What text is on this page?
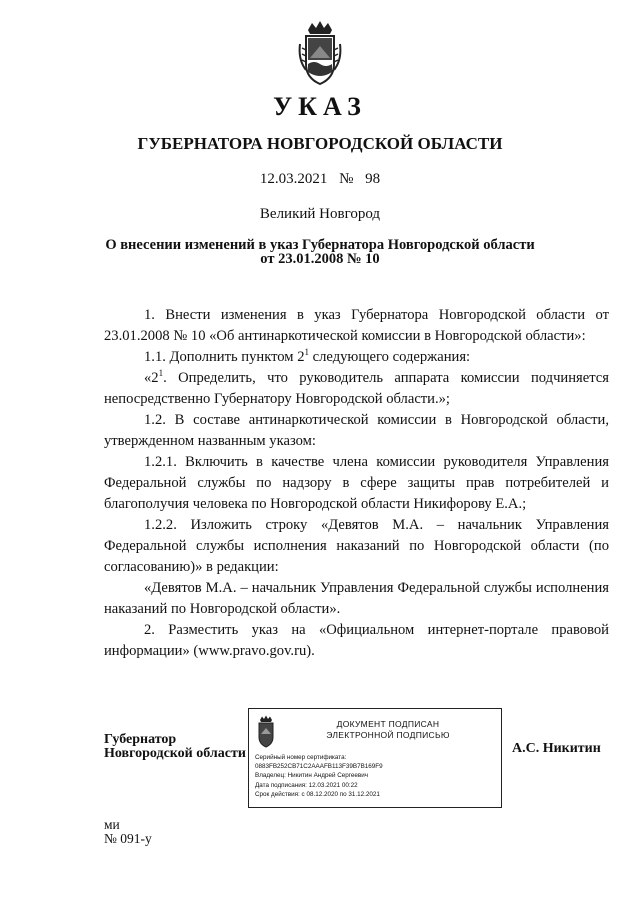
УКАЗ
ГУБЕРНАТОРА НОВГОРОДСКОЙ ОБЛАСТИ
12.03.2021 № 98
Великий Новгород
О внесении изменений в указ Губернатора Новгородской области
от 23.01.2008 № 10

1. Внести изменения в указ Губернатора Новгородской области от 23.01.2008 № 10 «Об антинаркотической комиссии в Новгородской области»:

1.1. Дополнить пунктом $2^1$ следующего содержания:

«$2^1$. Определить, что руководитель аппарата комиссии подчиняется непосредственно Губернатору Новгородской области.»;

1.2. В составе антинаркотической комиссии в Новгородской области, утвержденном названным указом:

1.2.1. Включить в качестве члена комиссии руководителя Управления Федеральной службы по надзору в сфере защиты прав потребителей и благополучия человека по Новгородской области Никифорову Е.А.;

1.2.2. Изложить строку «Девятов М.А. – начальник Управления Федеральной службы исполнения наказаний по Новгородской области (по согласованию)» в редакции:

«Девятов М.А. – начальник Управления Федеральной службы исполнения наказаний по Новгородской области».

2. Разместить указ на «Официальном интернет-портале правовой информации» (www.pravo.gov.ru).

Губернатор
Новгородской области
ДОКУМЕНТ ПОДПИСАН
ЭЛЕКТРОННОЙ ПОДПИСЬЮ
Серийный номер сертификата:
0883FB252CB71C2AAAFB113F39B7B169F9
Владелец: Никитин Андрей Сергеевич
Дата подписания: 12.03.2021 00:22
Срок действия: с 08.12.2020 по 31.12.2021
А.С. Никитин
ми
№ 091-у
